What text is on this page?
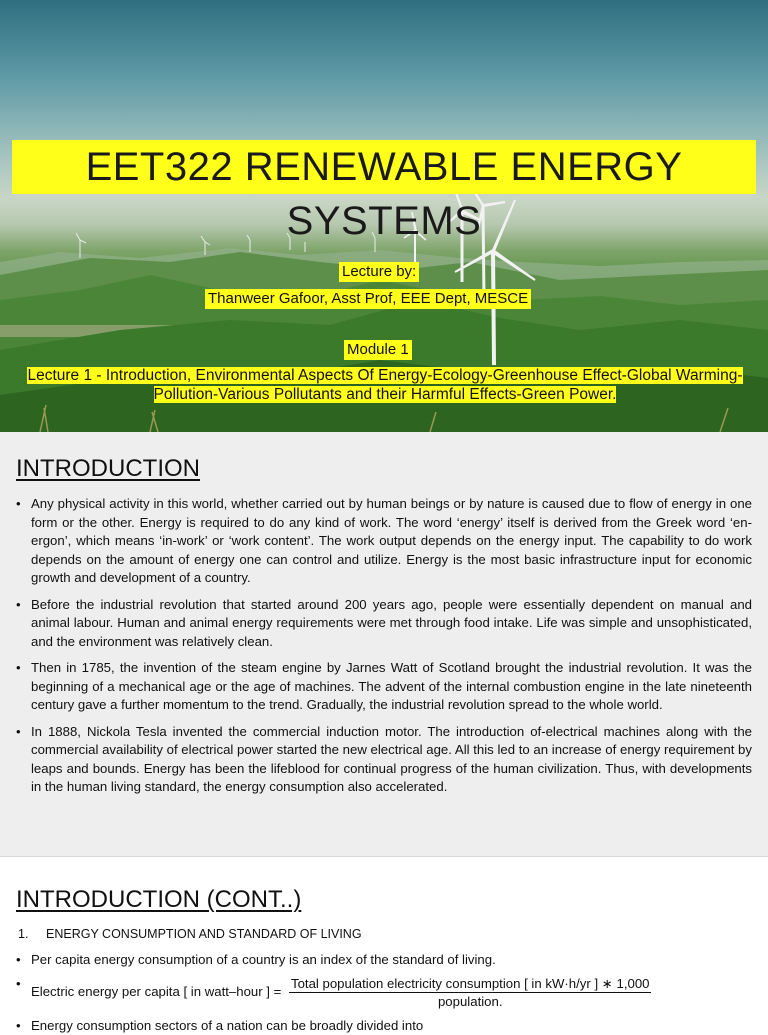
EET322 RENEWABLE ENERGY SYSTEMS
Lecture by:
Thanweer Gafoor, Asst Prof, EEE Dept, MESCE
Module 1
Lecture 1 - Introduction, Environmental Aspects Of Energy-Ecology-Greenhouse Effect-Global Warming-Pollution-Various Pollutants and their Harmful Effects-Green Power.
INTRODUCTION
• Any physical activity in this world, whether carried out by human beings or by nature is caused due to flow of energy in one form or the other. Energy is required to do any kind of work. The word ‘energy’ itself is derived from the Greek word ‘en-ergon’, which means ‘in-work’ or ‘work content’. The work output depends on the energy input. The capability to do work depends on the amount of energy one can control and utilize. Energy is the most basic infrastructure input for economic growth and development of a country.
• Before the industrial revolution that started around 200 years ago, people were essentially dependent on manual and animal labour. Human and animal energy requirements were met through food intake. Life was simple and unsophisticated, and the environment was relatively clean.
• Then in 1785, the invention of the steam engine by Jarnes Watt of Scotland brought the industrial revolution. It was the beginning of a mechanical age or the age of machines. The advent of the internal combustion engine in the late nineteenth century gave a further momentum to the trend. Gradually, the industrial revolution spread to the whole world.
• In 1888, Nickola Tesla invented the commercial induction motor. The introduction of-electrical machines along with the commercial availability of electrical power started the new electrical age. All this led to an increase of energy requirement by leaps and bounds. Energy has been the lifeblood for continual progress of the human civilization. Thus, with developments in the human living standard, the energy consumption also accelerated.
INTRODUCTION (CONT..)
1. ENERGY CONSUMPTION AND STANDARD OF LIVING
• Per capita energy consumption of a country is an index of the standard of living.
• Electric energy per capita [ in watt–hour ] =
Total population electricity consumption [ in kW·h/yr ] ∗ 1,000
population.
• Energy consumption sectors of a nation can be broadly divided into
